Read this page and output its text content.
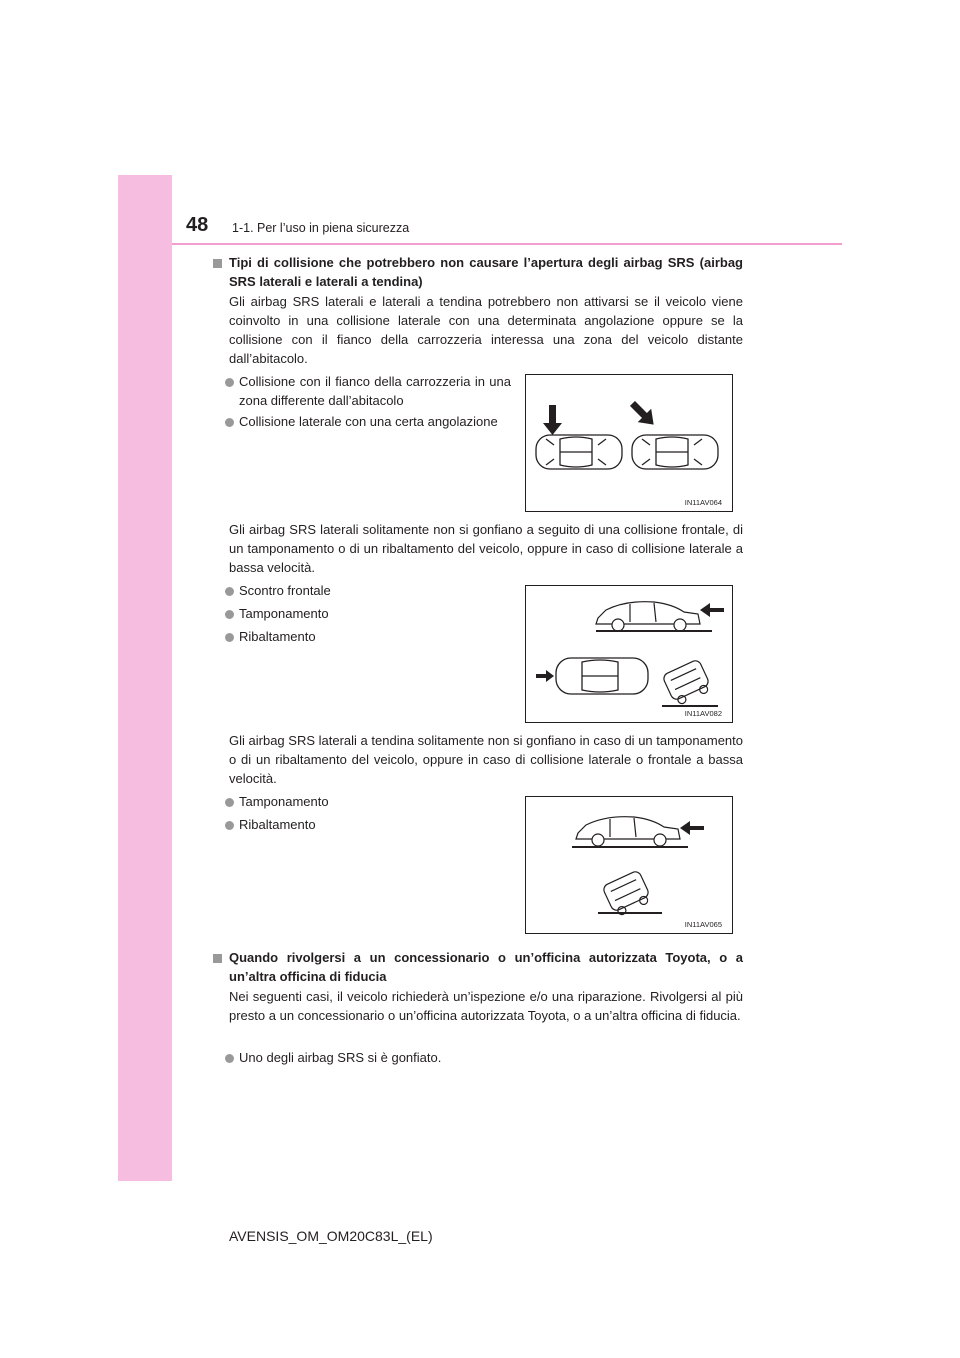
48 1-1. Per l’uso in piena sicurezza
Tipi di collisione che potrebbero non causare l’apertura degli airbag SRS (airbag SRS laterali e laterali a tendina)
Gli airbag SRS laterali e laterali a tendina potrebbero non attivarsi se il veicolo viene coinvolto in una collisione laterale con una determinata angolazione oppure se la collisione con il fianco della carrozzeria interessa una zona del veicolo distante dall’abitacolo.
Collisione con il fianco della carrozzeria in una zona differente dall’abitacolo
Collisione laterale con una certa angolazione
IN11AV064
Gli airbag SRS laterali solitamente non si gonfiano a seguito di una collisione frontale, di un tamponamento o di un ribaltamento del veicolo, oppure in caso di collisione laterale a bassa velocità.
Scontro frontale
Tamponamento
Ribaltamento
IN11AV082
Gli airbag SRS laterali a tendina solitamente non si gonfiano in caso di un tamponamento o di un ribaltamento del veicolo, oppure in caso di collisione laterale o frontale a bassa velocità.
Tamponamento
Ribaltamento
IN11AV065
Quando rivolgersi a un concessionario o un’officina autorizzata Toyota, o a un’altra officina di fiducia
Nei seguenti casi, il veicolo richiederà un’ispezione e/o una riparazione. Rivolgersi al più presto a un concessionario o un’officina autorizzata Toyota, o a un’altra officina di fiducia.
Uno degli airbag SRS si è gonfiato.
AVENSIS_OM_OM20C83L_(EL)
